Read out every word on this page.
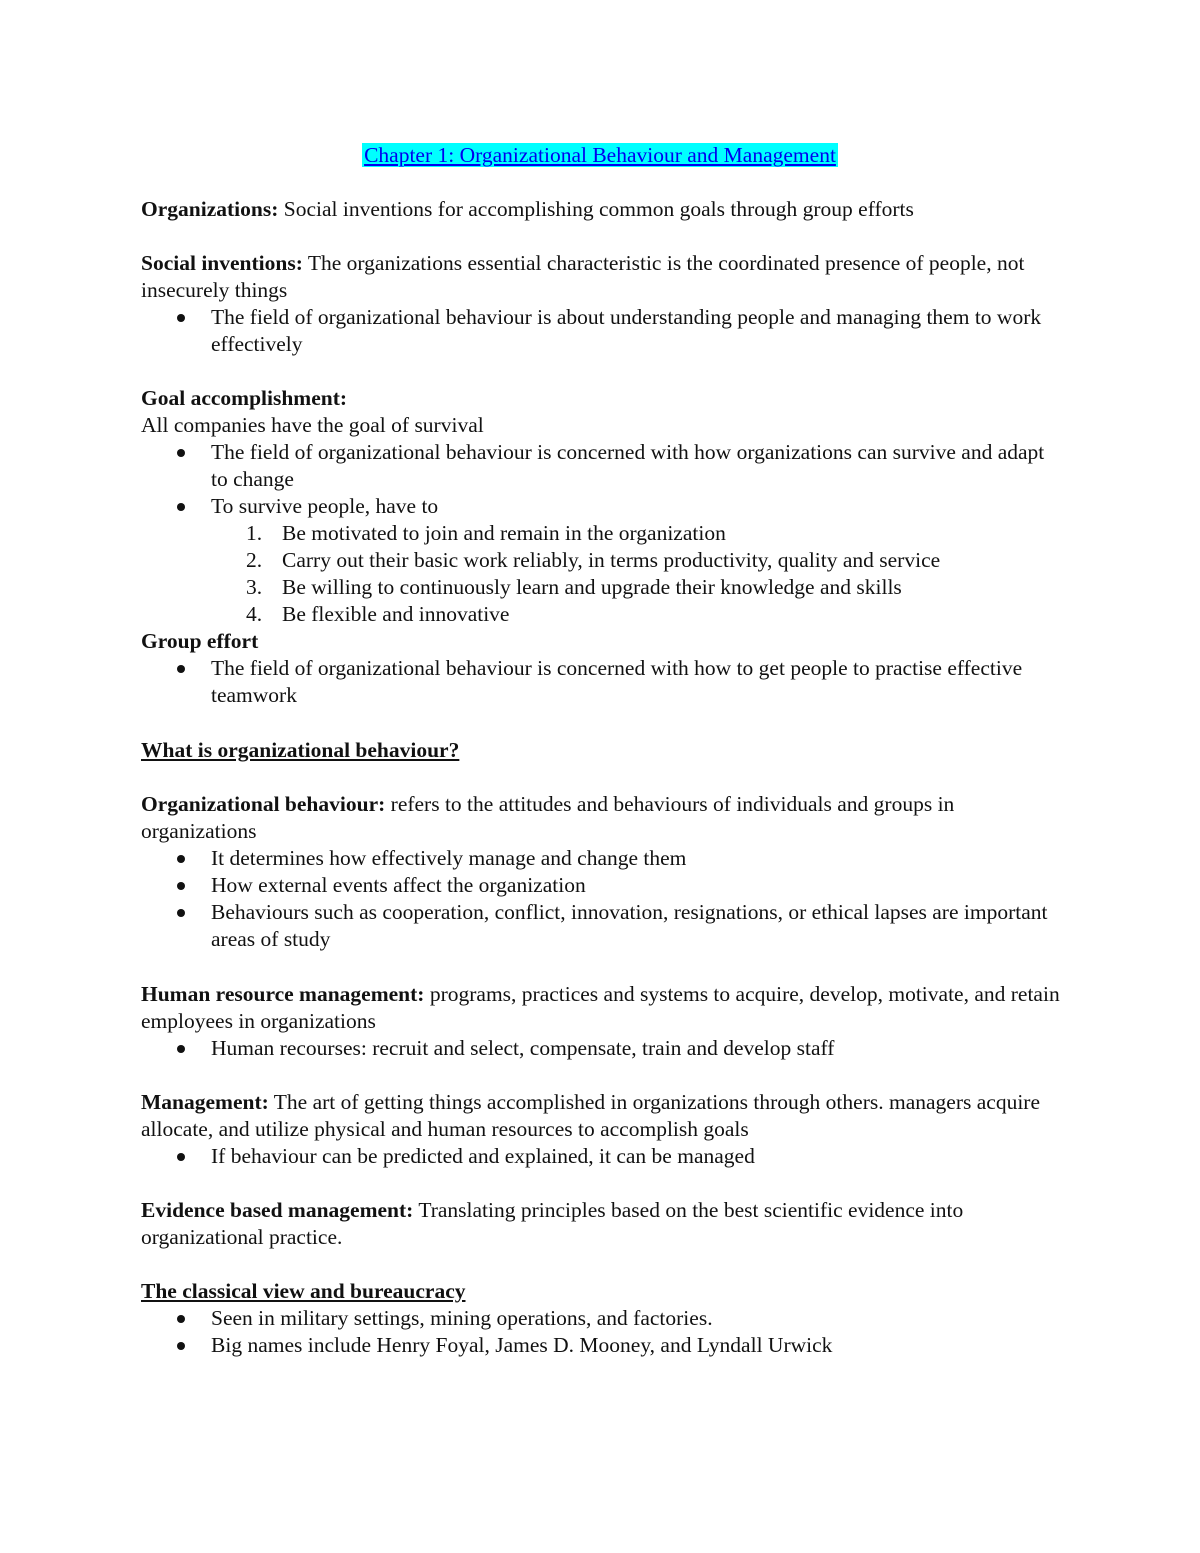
Chapter 1: Organizational Behaviour and Management

Organizations: Social inventions for accomplishing common goals through group efforts

Social inventions: The organizations essential characteristic is the coordinated presence of people, not insecurely things

The field of organizational behaviour is about understanding people and managing them to work effectively
Goal accomplishment:
All companies have the goal of survival
The field of organizational behaviour is concerned with how organizations can survive and adapt to change
To survive people, have to
1. Be motivated to join and remain in the organization
2. Carry out their basic work reliably, in terms productivity, quality and service
3. Be willing to continuously learn and upgrade their knowledge and skills
4. Be flexible and innovative
Group effort
The field of organizational behaviour is concerned with how to get people to practise effective teamwork
What is organizational behaviour?

Organizational behaviour: refers to the attitudes and behaviours of individuals and groups in organizations

It determines how effectively manage and change them
How external events affect the organization
Behaviours such as cooperation, conflict, innovation, resignations, or ethical lapses are important areas of study

Human resource management: programs, practices and systems to acquire, develop, motivate, and retain employees in organizations

Human recourses: recruit and select, compensate, train and develop staff

Management: The art of getting things accomplished in organizations through others. managers acquire allocate, and utilize physical and human resources to accomplish goals

If behaviour can be predicted and explained, it can be managed

Evidence based management: Translating principles based on the best scientific evidence into organizational practice.

The classical view and bureaucracy
Seen in military settings, mining operations, and factories.
Big names include Henry Foyal, James D. Mooney, and Lyndall Urwick
